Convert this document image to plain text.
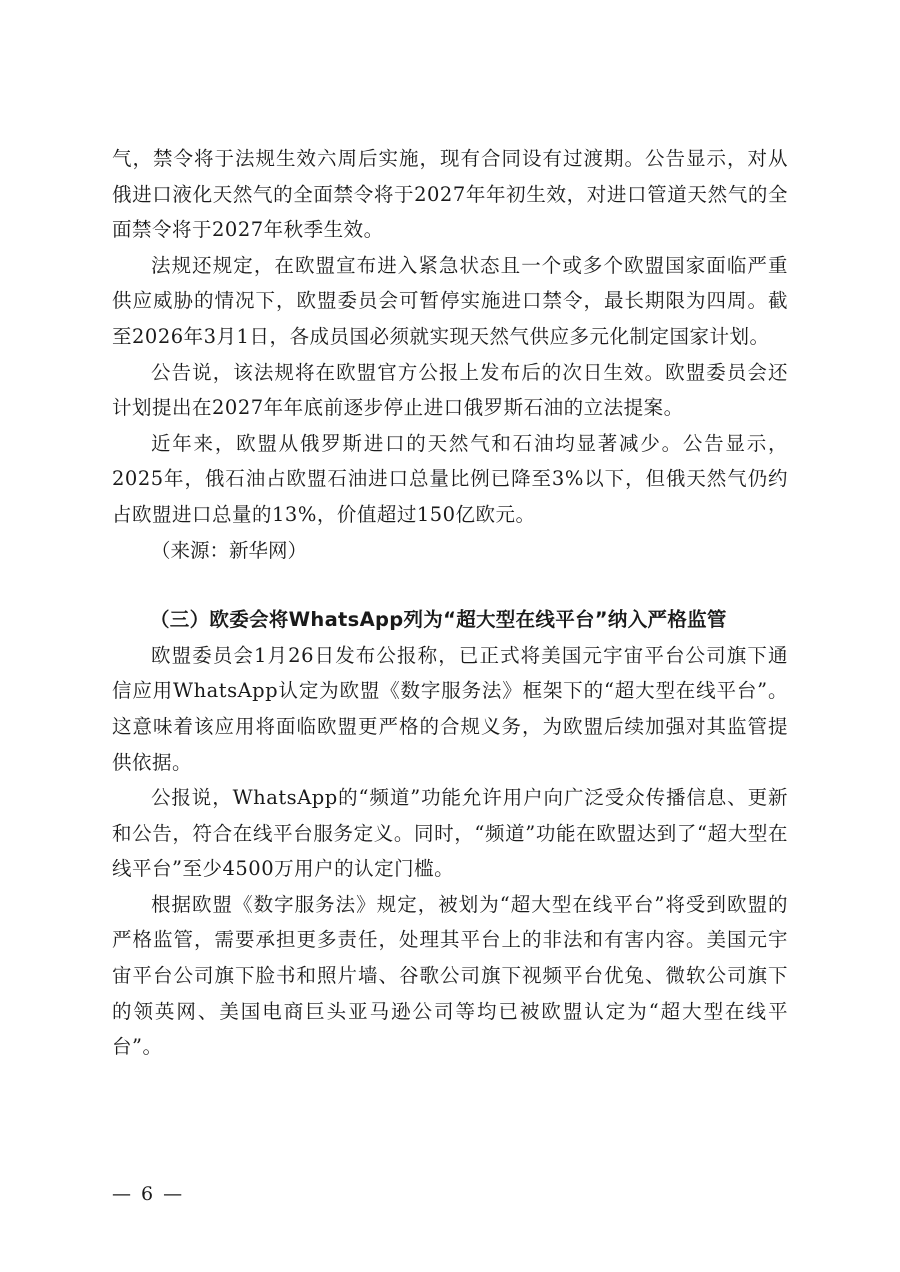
气，禁令将于法规生效六周后实施，现有合同设有过渡期。公告显示，对从俄进口液化天然气的全面禁令将于2027年年初生效，对进口管道天然气的全面禁令将于2027年秋季生效。

法规还规定，在欧盟宣布进入紧急状态且一个或多个欧盟国家面临严重供应威胁的情况下，欧盟委员会可暂停实施进口禁令，最长期限为四周。截至2026年3月1日，各成员国必须就实现天然气供应多元化制定国家计划。

公告说，该法规将在欧盟官方公报上发布后的次日生效。欧盟委员会还计划提出在2027年年底前逐步停止进口俄罗斯石油的立法提案。

近年来，欧盟从俄罗斯进口的天然气和石油均显著减少。公告显示，2025年，俄石油占欧盟石油进口总量比例已降至3%以下，但俄天然气仍约占欧盟进口总量的13%，价值超过150亿欧元。

（来源：新华网）

（三）欧委会将WhatsApp列为“超大型在线平台”纳入严格监管

欧盟委员会1月26日发布公报称，已正式将美国元宇宙平台公司旗下通信应用WhatsApp认定为欧盟《数字服务法》框架下的“超大型在线平台”。这意味着该应用将面临欧盟更严格的合规义务，为欧盟后续加强对其监管提供依据。

公报说，WhatsApp的“频道”功能允许用户向广泛受众传播信息、更新和公告，符合在线平台服务定义。同时，“频道”功能在欧盟达到了“超大型在线平台”至少4500万用户的认定门槛。

根据欧盟《数字服务法》规定，被划为“超大型在线平台”将受到欧盟的严格监管，需要承担更多责任，处理其平台上的非法和有害内容。美国元宇宙平台公司旗下脸书和照片墙、谷歌公司旗下视频平台优兔、微软公司旗下的领英网、美国电商巨头亚马逊公司等均已被欧盟认定为“超大型在线平台”。

— 6 —
